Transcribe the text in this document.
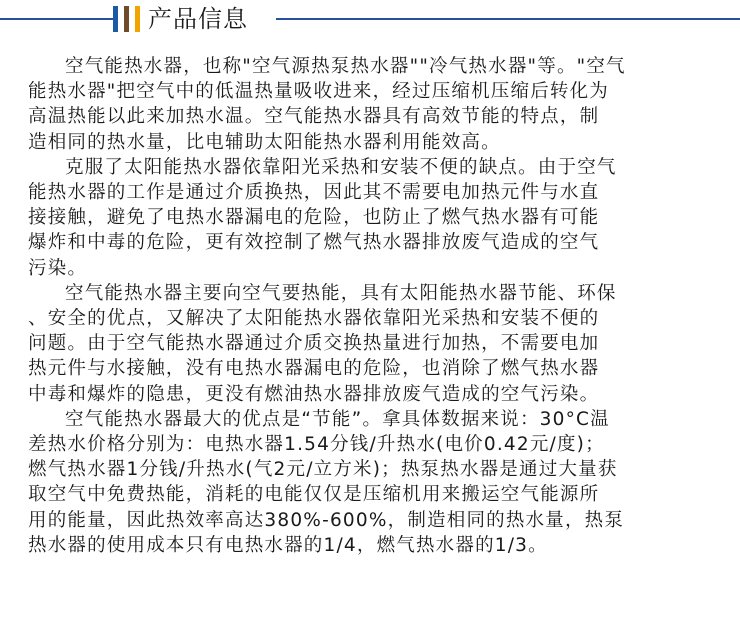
产品信息

空气能热水器，也称"空气源热泵热水器""冷气热水器"等。"空气
能热水器"把空气中的低温热量吸收进来，经过压缩机压缩后转化为
高温热能以此来加热水温。空气能热水器具有高效节能的特点，制
造相同的热水量，比电辅助太阳能热水器利用能效高。

克服了太阳能热水器依靠阳光采热和安装不便的缺点。由于空气
能热水器的工作是通过介质换热，因此其不需要电加热元件与水直
接接触，避免了电热水器漏电的危险，也防止了燃气热水器有可能
爆炸和中毒的危险，更有效控制了燃气热水器排放废气造成的空气
污染。

空气能热水器主要向空气要热能，具有太阳能热水器节能、环保
、安全的优点，又解决了太阳能热水器依靠阳光采热和安装不便的
问题。由于空气能热水器通过介质交换热量进行加热，不需要电加
热元件与水接触，没有电热水器漏电的危险，也消除了燃气热水器
中毒和爆炸的隐患，更没有燃油热水器排放废气造成的空气污染。

空气能热水器最大的优点是“节能”。拿具体数据来说：30°C温
差热水价格分别为：电热水器1.54分钱/升热水(电价0.42元/度)；
燃气热水器1分钱/升热水(气2元/立方米)；热泵热水器是通过大量获
取空气中免费热能，消耗的电能仅仅是压缩机用来搬运空气能源所
用的能量，因此热效率高达380%-600%，制造相同的热水量，热泵
热水器的使用成本只有电热水器的1/4，燃气热水器的1/3。
